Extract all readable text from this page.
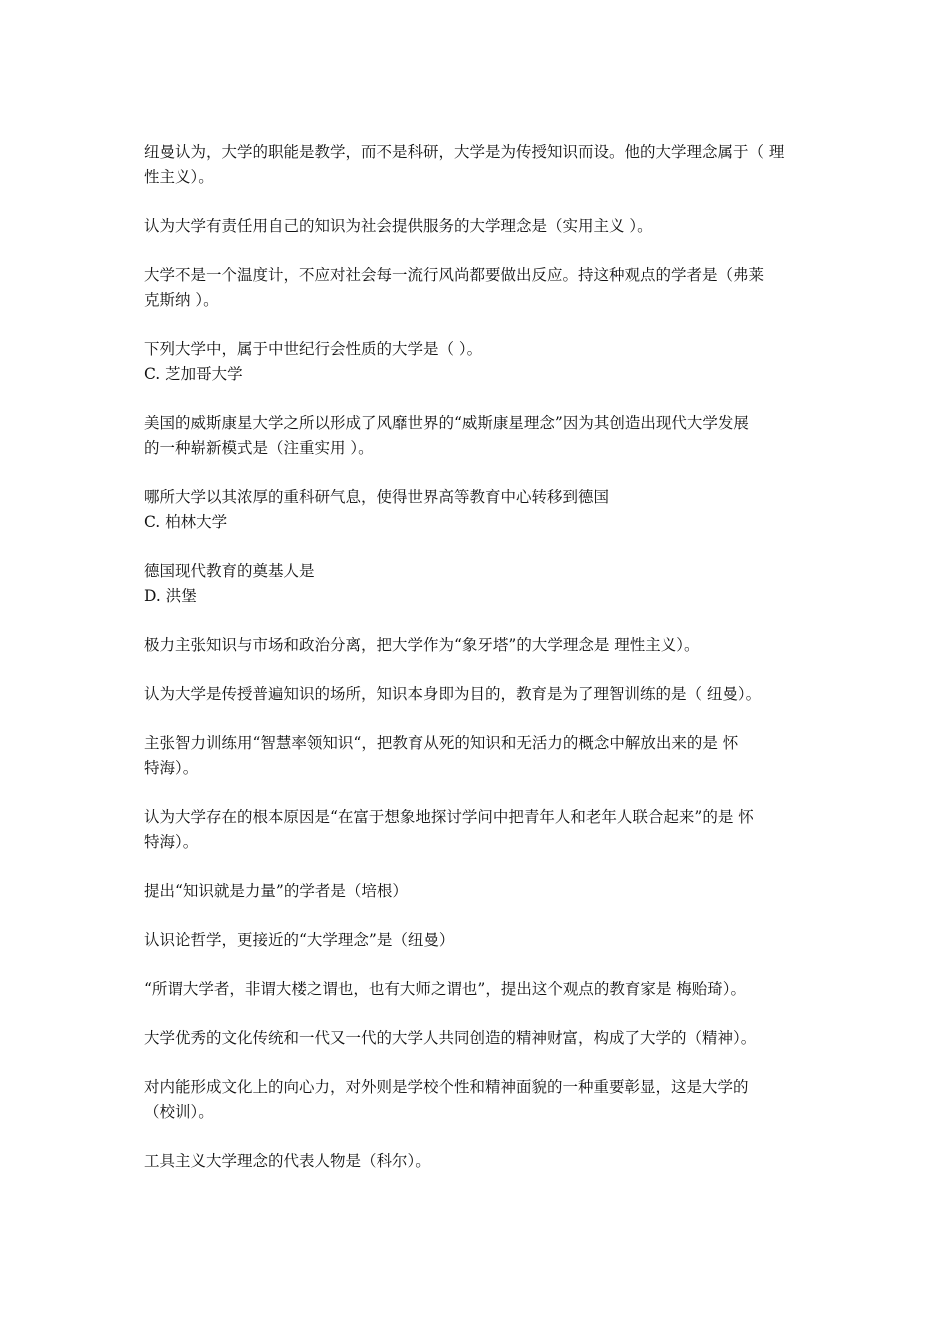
纽曼认为，大学的职能是教学，而不是科研，大学是为传授知识而设。他的大学理念属于（ 理
性主义）。
认为大学有责任用自己的知识为社会提供服务的大学理念是（实用主义 ）。
大学不是一个温度计，不应对社会每一流行风尚都要做出反应。持这种观点的学者是（弗莱
克斯纳 ）。
下列大学中，属于中世纪行会性质的大学是（ ）。
C. 芝加哥大学
美国的威斯康星大学之所以形成了风靡世界的“威斯康星理念”因为其创造出现代大学发展
的一种崭新模式是（注重实用 ）。
哪所大学以其浓厚的重科研气息，使得世界高等教育中心转移到德国
C. 柏林大学
德国现代教育的奠基人是
D. 洪堡
极力主张知识与市场和政治分离，把大学作为“象牙塔”的大学理念是 理性主义）。
认为大学是传授普遍知识的场所，知识本身即为目的，教育是为了理智训练的是（ 纽曼）。
主张智力训练用“智慧率领知识“，把教育从死的知识和无活力的概念中解放出来的是 怀
特海）。
认为大学存在的根本原因是“在富于想象地探讨学问中把青年人和老年人联合起来”的是 怀
特海）。
提出“知识就是力量”的学者是（培根）
认识论哲学，更接近的“大学理念”是（纽曼）
“所谓大学者，非谓大楼之谓也，也有大师之谓也”，提出这个观点的教育家是 梅贻琦）。
大学优秀的文化传统和一代又一代的大学人共同创造的精神财富，构成了大学的（精神）。
对内能形成文化上的向心力，对外则是学校个性和精神面貌的一种重要彰显，这是大学的
（校训）。
工具主义大学理念的代表人物是（科尔）。
